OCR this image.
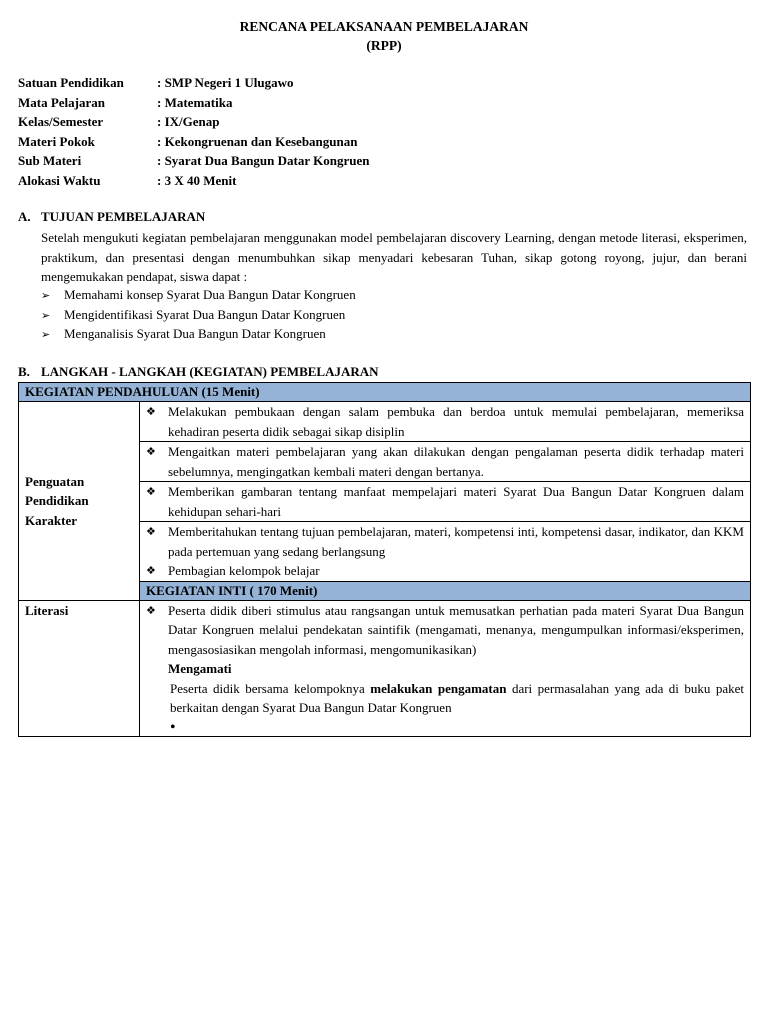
RENCANA PELAKSANAAN PEMBELAJARAN
(RPP)
Satuan Pendidikan	: SMP Negeri 1 Ulugawo
Mata Pelajaran	: Matematika
Kelas/Semester	: IX/Genap
Materi Pokok	: Kekongruenan dan Kesebangunan
Sub Materi	: Syarat Dua Bangun Datar Kongruen
Alokasi Waktu	: 3 X 40 Menit
A. TUJUAN PEMBELAJARAN
Setelah mengukuti kegiatan pembelajaran menggunakan model pembelajaran discovery Learning, dengan metode literasi, eksperimen, praktikum, dan presentasi dengan menumbuhkan sikap menyadari kebesaran Tuhan, sikap gotong royong, jujur, dan berani mengemukakan pendapat, siswa dapat :
➢ Memahami konsep Syarat Dua Bangun Datar Kongruen
➢ Mengidentifikasi Syarat Dua Bangun Datar Kongruen
➢ Menganalisis Syarat Dua Bangun Datar Kongruen
B. LANGKAH - LANGKAH (KEGIATAN) PEMBELAJARAN
KEGIATAN PENDAHULUAN (15 Menit)	
Penguatan Pendidikan Karakter	❖ Melakukan pembukaan dengan salam pembuka dan berdoa untuk memulai pembelajaran, memeriksa kehadiran peserta didik sebagai sikap disiplin

	❖ Mengaitkan materi pembelajaran yang akan dilakukan dengan pengalaman peserta didik terhadap materi sebelumnya, mengingatkan kembali materi dengan bertanya.

	❖ Memberikan gambaran tentang manfaat mempelajari materi Syarat Dua Bangun Datar Kongruen dalam kehidupan sehari-hari

	❖ Memberitahukan tentang tujuan pembelajaran, materi, kompetensi inti, kompetensi dasar, indikator, dan KKM pada pertemuan yang sedang berlangsung
❖ Pembagian kelompok belajar

	KEGIATAN INTI ( 170 Menit)
Literasi	❖ Peserta didik diberi stimulus atau rangsangan untuk memusatkan perhatian pada materi Syarat Dua Bangun Datar Kongruen melalui pendekatan saintifik (mengamati, menanya, mengumpulkan informasi/eksperimen, mengasosiasikan mengolah informasi, mengomunikasikan)
Mengamati
Peserta didik bersama kelompoknya melakukan pengamatan dari permasalahan yang ada di buku paket berkaitan dengan Syarat Dua Bangun Datar Kongruen
•
